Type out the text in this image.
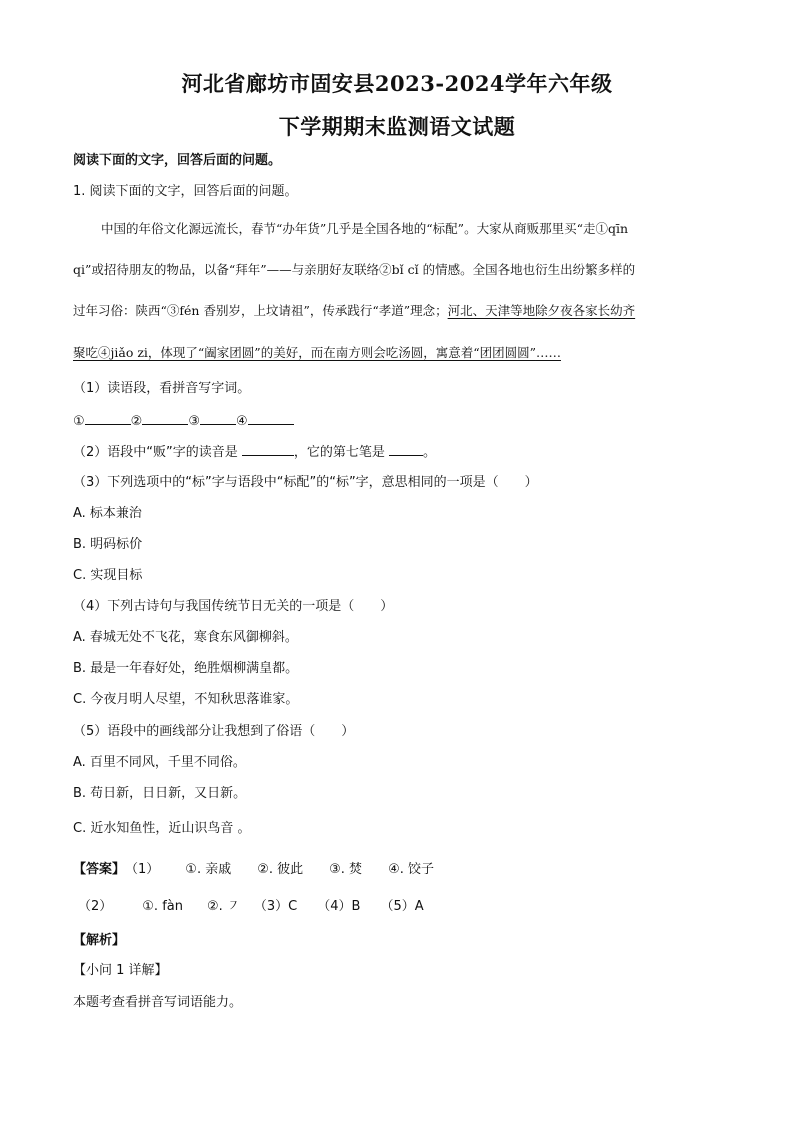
河北省廊坊市固安县2023-2024学年六年级
下学期期末监测语文试题
阅读下面的文字，回答后面的问题。
1. 阅读下面的文字，回答后面的问题。
中国的年俗文化源远流长，春节“办年货”几乎是全国各地的“标配”。大家从商贩那里买“走①qīn
qi”或招待朋友的物品，以备“拜年”——与亲朋好友联络②bǐ cǐ 的情感。全国各地也衍生出纷繁多样的
过年习俗：陕西“③fén 香别岁，上坟请祖”，传承践行“孝道”理念；河北、天津等地除夕夜各家长幼齐
聚吃④jiǎo zi，体现了“阖家团圆”的美好，而在南方则会吃汤圆，寓意着“团团圆圆”……
（1）读语段，看拼音写字词。
①	②	③	④
（2）语段中“贩”字的读音是	，它的第七笔是	。
（3）下列选项中的“标”字与语段中“标配”的“标”字，意思相同的一项是（　　）
A. 标本兼治
B. 明码标价
C. 实现目标
（4）下列古诗句与我国传统节日无关的一项是（　　）
A. 春城无处不飞花，寒食东风御柳斜。
B. 最是一年春好处，绝胜烟柳满皇都。
C. 今夜月明人尽望，不知秋思落谁家。
（5）语段中的画线部分让我想到了俗语（　　）
A. 百里不同风，千里不同俗。
B. 苟日新，日日新，又日新。
C. 近水知鱼性，近山识鸟音 。
【答案】（1） ①. 亲戚 ②. 彼此 ③. 焚 ④. 饺子
（2） ①. fàn ②. ㇇ （3）C （4）B （5）A
【解析】
【小问 1 详解】
本题考查看拼音写词语能力。
